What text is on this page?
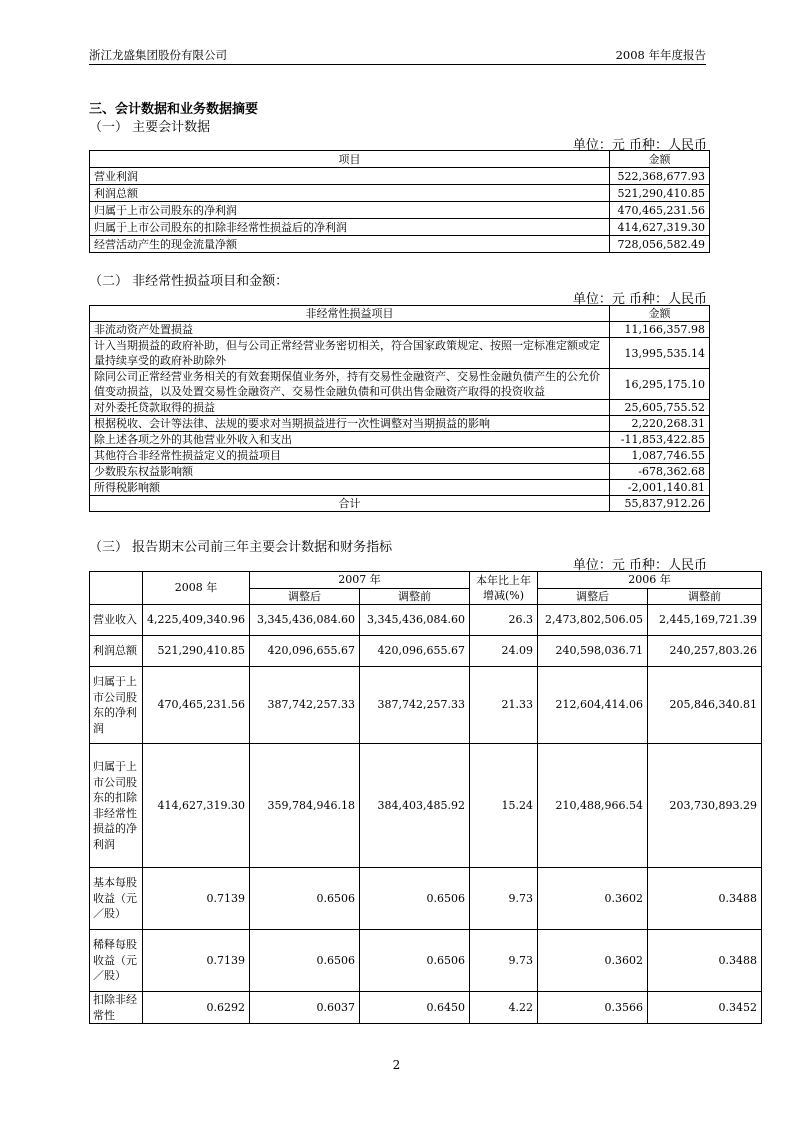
浙江龙盛集团股份有限公司	2008 年年度报告
三、会计数据和业务数据摘要
（一） 主要会计数据
单位：元 币种：人民币
项目	金额
营业利润	522,368,677.93
利润总额	521,290,410.85
归属于上市公司股东的净利润	470,465,231.56
归属于上市公司股东的扣除非经常性损益后的净利润	414,627,319.30
经营活动产生的现金流量净额	728,056,582.49
（二） 非经常性损益项目和金额：
单位：元 币种：人民币
非经常性损益项目	金额
非流动资产处置损益	11,166,357.98
计入当期损益的政府补助，但与公司正常经营业务密切相关，符合国家政策规定、按照一定标准定额或定量持续享受的政府补助除外	13,995,535.14
除同公司正常经营业务相关的有效套期保值业务外，持有交易性金融资产、交易性金融负债产生的公允价值变动损益，以及处置交易性金融资产、交易性金融负债和可供出售金融资产取得的投资收益	16,295,175.10
对外委托贷款取得的损益	25,605,755.52
根据税收、会计等法律、法规的要求对当期损益进行一次性调整对当期损益的影响	2,220,268.31
除上述各项之外的其他营业外收入和支出	-11,853,422.85
其他符合非经常性损益定义的损益项目	1,087,746.55
少数股东权益影响额	-678,362.68
所得税影响额	-2,001,140.81
合计	55,837,912.26
（三） 报告期末公司前三年主要会计数据和财务指标
单位：元 币种：人民币
	2008 年	2007 年		本年比上年增减(%)	2006 年	
		调整后	调整前		调整后	调整前
营业收入	4,225,409,340.96	3,345,436,084.60	3,345,436,084.60	26.3	2,473,802,506.05	2,445,169,721.39
利润总额	521,290,410.85	420,096,655.67	420,096,655.67	24.09	240,598,036.71	240,257,803.26
归属于上市公司股东的净利润	470,465,231.56	387,742,257.33	387,742,257.33	21.33	212,604,414.06	205,846,340.81
归属于上市公司股东的扣除非经常性损益的净利润	414,627,319.30	359,784,946.18	384,403,485.92	15.24	210,488,966.54	203,730,893.29
基本每股收益（元／股）	0.7139	0.6506	0.6506	9.73	0.3602	0.3488
稀释每股收益（元／股）	0.7139	0.6506	0.6506	9.73	0.3602	0.3488
扣除非经常性	0.6292	0.6037	0.6450	4.22	0.3566	0.3452
2
